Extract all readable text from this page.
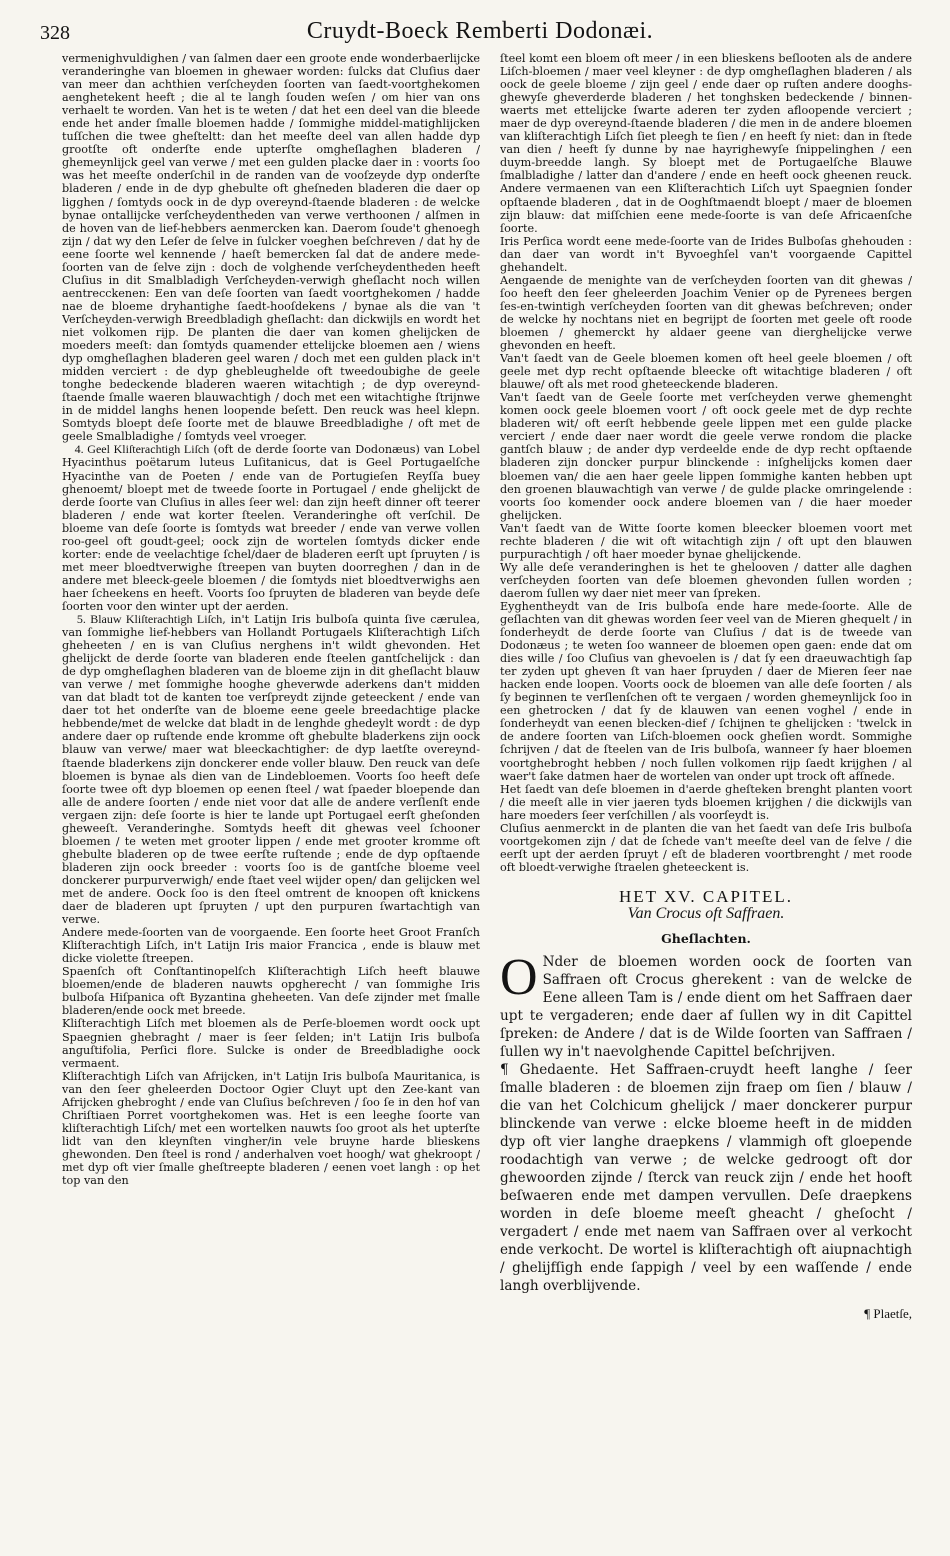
328	Cruydt-Boeck Remberti Dodonæi.

vermenighvuldighen / van ſalmen daer een groote ende wonderbaerlijcke veranderinghe van bloemen in ghewaer worden: ſulcks dat Cluſius daer van meer dan achthien verſcheyden ſoorten van ſaedt-voortghekomen aenghetekent heeft ; die al te langh ſouden weſen / om hier van ons verhaelt te worden. Van het is te weten / dat het een deel van die bleede ende het ander ſmalle bloemen hadde / ſommighe middel-matighlijcken tuſſchen die twee gheſteltt: dan het meeſte deel van allen hadde dyp grootſte oft onderſte ende upterſte omgheſlaghen bladeren / ghemeynlijck geel van verwe / met een gulden placke daer in : voorts ſoo was het meeſte onderſchil in de randen van de vooſzeyde dyp onderſte bladeren / ende in de dyp ghebulte oft gheſneden bladeren die daer op ligghen / ſomtyds oock in de dyp overeynd-ſtaende bladeren : de welcke bynae ontallijcke verſcheydentheden van verwe verthoonen / alſmen in de hoven van de lief-hebbers aenmercken kan. Daerom ſoude't ghenoegh zijn / dat wy den Leſer de ſelve in ſulcker voeghen beſchreven / dat hy de eene ſoorte wel kennende / haeſt bemercken ſal dat de andere mede-ſoorten van de ſelve zijn : doch de volghende verſcheydentheden heeft Cluſius in dit Smalbladigh Verſcheyden-verwigh gheſlacht noch willen aentrecckenen: Een van deſe ſoorten van ſaedt voortghekomen / hadde nae de bloeme dryhantighe ſaedt-hooſdekens / bynae als die van 't Verſcheyden-verwigh Breedbladigh gheſlacht: dan dickwijls en wordt het niet volkomen rijp. De planten die daer van komen ghelijcken de moeders meeſt: dan ſomtyds quamender ettelijcke bloemen aen / wiens dyp omgheſlaghen bladeren geel waren / doch met een gulden plack in't midden verciert : de dyp ghebleughelde oft tweedoubighe de geele tonghe bedeckende bladeren waeren witachtigh ; de dyp overeynd-ſtaende ſmalle waeren blauwachtigh / doch met een witachtighe ſtrijnwe in de middel langhs henen loopende beſett. Den reuck was heel klepn. Somtyds bloept deſe ſoorte met de blauwe Breedbladighe / oft met de geele Smalbladighe / ſomtyds veel vroeger.

4. Geel Kliſterachtigh Liſch (oft de derde ſoorte van Dodonæus) van Lobel Hyacinthus poëtarum luteus Luſitanicus, dat is Geel Portugaelſche Hyacinthe van de Poeten / ende van de Portugieſen Reyſſa buey ghenoemt/ bloept met de tweede ſoorte in Portugael / ende ghelijckt de derde ſoorte van Cluſius in alles ſeer wel: dan zijn heeft dinner oft teerer bladeren / ende wat korter ſteelen. Veranderinghe oft verſchil. De bloeme van deſe ſoorte is ſomtyds wat breeder / ende van verwe vollen roo-geel oft goudt-geel; oock zijn de wortelen ſomtyds dicker ende korter: ende de veelachtige ſchel/daer de bladeren eerſt upt ſpruyten / is met meer bloedtverwighe ſtreepen van buyten doorreghen / dan in de andere met bleeck-geele bloemen / die ſomtyds niet bloedtverwighs aen haer ſcheekens en heeft. Voorts ſoo ſpruyten de bladeren van beyde deſe ſoorten voor den winter upt der aerden.

5. Blauw Kliſterachtigh Liſch, in't Latijn Iris bulboſa quinta ſive cærulea, van ſommighe lief-hebbers van Hollandt Portugaels Kliſterachtigh Liſch gheheeten / en is van Cluſius nerghens in't wildt ghevonden. Het ghelijckt de derde ſoorte van bladeren ende ſteelen gantſchelijck : dan de dyp omgheſlaghen bladeren van de bloeme zijn in dit gheſlacht blauw van verwe / met ſommighe hooghe gheverwde aderkens dan't midden van dat bladt tot de kanten toe verſpreydt zijnde geteeckent / ende van daer tot het onderſte van de bloeme eene geele breedachtige placke hebbende/met de welcke dat bladt in de lenghde ghedeylt wordt : de dyp andere daer op ruſtende ende kromme oft ghebulte bladerkens zijn oock blauw van verwe/ maer wat bleeckachtigher: de dyp laetſte overeynd-ſtaende bladerkens zijn donckerer ende voller blauw. Den reuck van deſe bloemen is bynae als dien van de Lindebloemen. Voorts ſoo heeft deſe ſoorte twee oft dyp bloemen op eenen ſteel / wat ſpaeder bloepende dan alle de andere ſoorten / ende niet voor dat alle de andere verſlenſt ende vergaen zijn: deſe ſoorte is hier te lande upt Portugael eerſt gheſonden gheweeſt. Veranderinghe. Somtyds heeft dit ghewas veel ſchooner bloemen / te weten met grooter lippen / ende met grooter kromme oft ghebulte bladeren op de twee eerſte ruſtende ; ende de dyp opſtaende bladeren zijn oock breeder : voorts ſoo is de gantſche bloeme veel donckerer purpurverwigh/ ende ſtaet veel wijder open/ dan gelijcken wel met de andere. Oock ſoo is den ſteel omtrent de knoopen oft knickens daer de bladeren upt ſpruyten / upt den purpuren ſwartachtigh van verwe.

Andere mede-ſoorten van de voorgaende. Een ſoorte heet Groot Franſch Kliſterachtigh Liſch, in't Latijn Iris maior Francica , ende is blauw met dicke violette ſtreepen.

Spaenſch oft Conſtantinopelſch Kliſterachtigh Liſch heeft blauwe bloemen/ende de bladeren nauwts opgherecht / van ſommighe Iris bulboſa Hiſpanica oft Byzantina gheheeten. Van deſe zijnder met ſmalle bladeren/ende oock met breede.

Kliſterachtigh Liſch met bloemen als de Perſe-bloemen wordt oock upt Spaegnien ghebraght / maer is ſeer ſelden; in't Latijn Iris bulboſa anguſtifolia, Perſici flore. Sulcke is onder de Breedbladighe oock vermaent.

Kliſterachtigh Liſch van Afrijcken, in't Latijn Iris bulboſa Mauritanica, is van den ſeer gheleerden Doctoor Ogier Cluyt upt den Zee-kant van Afrijcken ghebroght / ende van Cluſius beſchreven / ſoo ſe in den hof van Chriſtiaen Porret voortghekomen was. Het is een leeghe ſoorte van kliſterachtigh Liſch/ met een wortelken nauwts ſoo groot als het upterſte lidt van den kleynſten vingher/in vele bruyne harde blieskens ghewonden. Den ſteel is rond / anderhalven voet hoogh/ wat ghekroopt / met dyp oft vier ſmalle gheſtreepte bladeren / eenen voet langh : op het top van den

ſteel komt een bloem oft meer / in een blieskens beſlooten als de andere Liſch-bloemen / maer veel kleyner : de dyp omgheſlaghen bladeren / als oock de geele bloeme / zijn geel / ende daer op ruſten andere dooghs-ghewyſe gheverderde bladeren / het tonghsken bedeckende / binnen-waerts met ettelijcke ſwarte aderen ter zyden afloopende verciert ; maer de dyp overeynd-ſtaende bladeren / die men in de andere bloemen van kliſterachtigh Liſch ſiet pleegh te ſien / en heeft ſy niet: dan in ſtede van dien / heeft ſy dunne by nae hayrighewyſe ſnippelinghen / een duym-breedde langh. Sy bloept met de Portugaelſche Blauwe ſmalbladighe / latter dan d'andere / ende en heeft oock gheenen reuck. Andere vermaenen van een Kliſterachtich Liſch uyt Spaegnien ſonder opſtaende bladeren , dat in de Ooghſtmaendt bloept / maer de bloemen zijn blauw: dat miſſchien eene mede-ſoorte is van deſe Africaenſche ſoorte.

Iris Perſica wordt eene mede-ſoorte van de Irides Bulboſas ghehouden : dan daer van wordt in't Byvoeghſel van't voorgaende Capittel ghehandelt.

Aengaende de menighte van de verſcheyden ſoorten van dit ghewas / ſoo heeft den ſeer gheleerden Joachim Venier op de Pyrenees bergen ſes-en-twintigh verſcheyden ſoorten van dit ghewas beſchreven; onder de welcke hy nochtans niet en begrijpt de ſoorten met geele oft roode bloemen / ghemerckt hy aldaer geene van dierghelijcke verwe ghevonden en heeft.

Van't ſaedt van de Geele bloemen komen oft heel geele bloemen / oft geele met dyp recht opſtaende bleecke oft witachtige bladeren / oft blauwe/ oft als met rood gheteeckende bladeren.

Van't ſaedt van de Geele ſoorte met verſcheyden verwe ghemenght komen oock geele bloemen voort / oft oock geele met de dyp rechte bladeren wit/ oft eerſt hebbende geele lippen met een gulde placke verciert / ende daer naer wordt die geele verwe rondom die placke gantſch blauw ; de ander dyp verdeelde ende de dyp recht opſtaende bladeren zijn doncker purpur blinckende : inſghelijcks komen daer bloemen van/ die aen haer geele lippen ſommighe kanten hebben upt den groenen blauwachtigh van verwe / de gulde placke omringelende : voorts ſoo komender oock andere bloemen van / die haer moeder ghelijcken.

Van't ſaedt van de Witte ſoorte komen bleecker bloemen voort met rechte bladeren / die wit oft witachtigh zijn / oft upt den blauwen purpurachtigh / oft haer moeder bynae ghelijckende.

Wy alle deſe veranderinghen is het te ghelooven / datter alle daghen verſcheyden ſoorten van deſe bloemen ghevonden ſullen worden ; daerom ſullen wy daer niet meer van ſpreken.

Eyghentheydt van de Iris bulboſa ende hare mede-ſoorte. Alle de geſlachten van dit ghewas worden ſeer veel van de Mieren ghequelt / in ſonderheydt de derde ſoorte van Cluſius / dat is de tweede van Dodonæus ; te weten ſoo wanneer de bloemen open gaen: ende dat om dies wille / ſoo Cluſius van ghevoelen is / dat ſy een draeuwachtigh ſap ter zyden upt gheven ſt van haer ſpruyden / daer de Mieren ſeer nae hacken ende loopen. Voorts oock de bloemen van alle deſe ſoorten / als ſy beginnen te verſlenſchen oft te vergaen / worden ghemeynlijck ſoo in een ghetrocken / dat ſy de klauwen van eenen voghel / ende in ſonderheydt van eenen blecken-dief / ſchijnen te ghelijcken : 'twelck in de andere ſoorten van Liſch-bloemen oock gheſien wordt. Sommighe ſchrijven / dat de ſteelen van de Iris bulboſa, wanneer ſy haer bloemen voortghebroght hebben / noch ſullen volkomen rijp ſaedt krijghen / al waer't ſake datmen haer de wortelen van onder upt trock oft afſnede.

Het ſaedt van deſe bloemen in d'aerde gheſteken brenght planten voort / die meeſt alle in vier jaeren tyds bloemen krijghen / die dickwijls van hare moeders ſeer verſchillen / als voorſeydt is.

Cluſius aenmerckt in de planten die van het ſaedt van deſe Iris bulboſa voortgekomen zijn / dat de ſchede van't meeſte deel van de ſelve / die eerſt upt der aerden ſpruyt / eſt de bladeren voortbrenght / met roode oft bloedt-verwighe ſtraelen gheteeckent is.

HET XV. CAPITEL.
Van Crocus oft Saffraen.
Gheſlachten.

O Nder de bloemen worden oock de ſoorten van Saffraen oft Crocus gherekent : van de welcke de Eene alleen Tam is / ende dient om het Saffraen daer upt te vergaderen; ende daer af ſullen wy in dit Capittel ſpreken: de Andere / dat is de Wilde ſoorten van Saffraen / ſullen wy in't naevolghende Capittel beſchrijven.

¶ Ghedaente. Het Saffraen-cruydt heeft langhe / ſeer ſmalle bladeren : de bloemen zijn fraep om ſien / blauw / die van het Colchicum ghelijck / maer donckerer purpur blinckende van verwe : elcke bloeme heeft in de midden dyp oft vier langhe draepkens / vlammigh oft gloepende roodachtigh van verwe ; de welcke gedroogt oft dor ghewoorden zijnde / ſterck van reuck zijn / ende het hooft beſwaeren ende met dampen vervullen. Deſe draepkens worden in deſe bloeme meeſt gheacht / gheſocht / vergadert / ende met naem van Saffraen over al verkocht ende verkocht. De wortel is kliſterachtigh oft aiupnachtigh / ghelijfſigh ende ſappigh / veel by een waſſende / ende langh overblijvende.

¶ Plaetſe,
